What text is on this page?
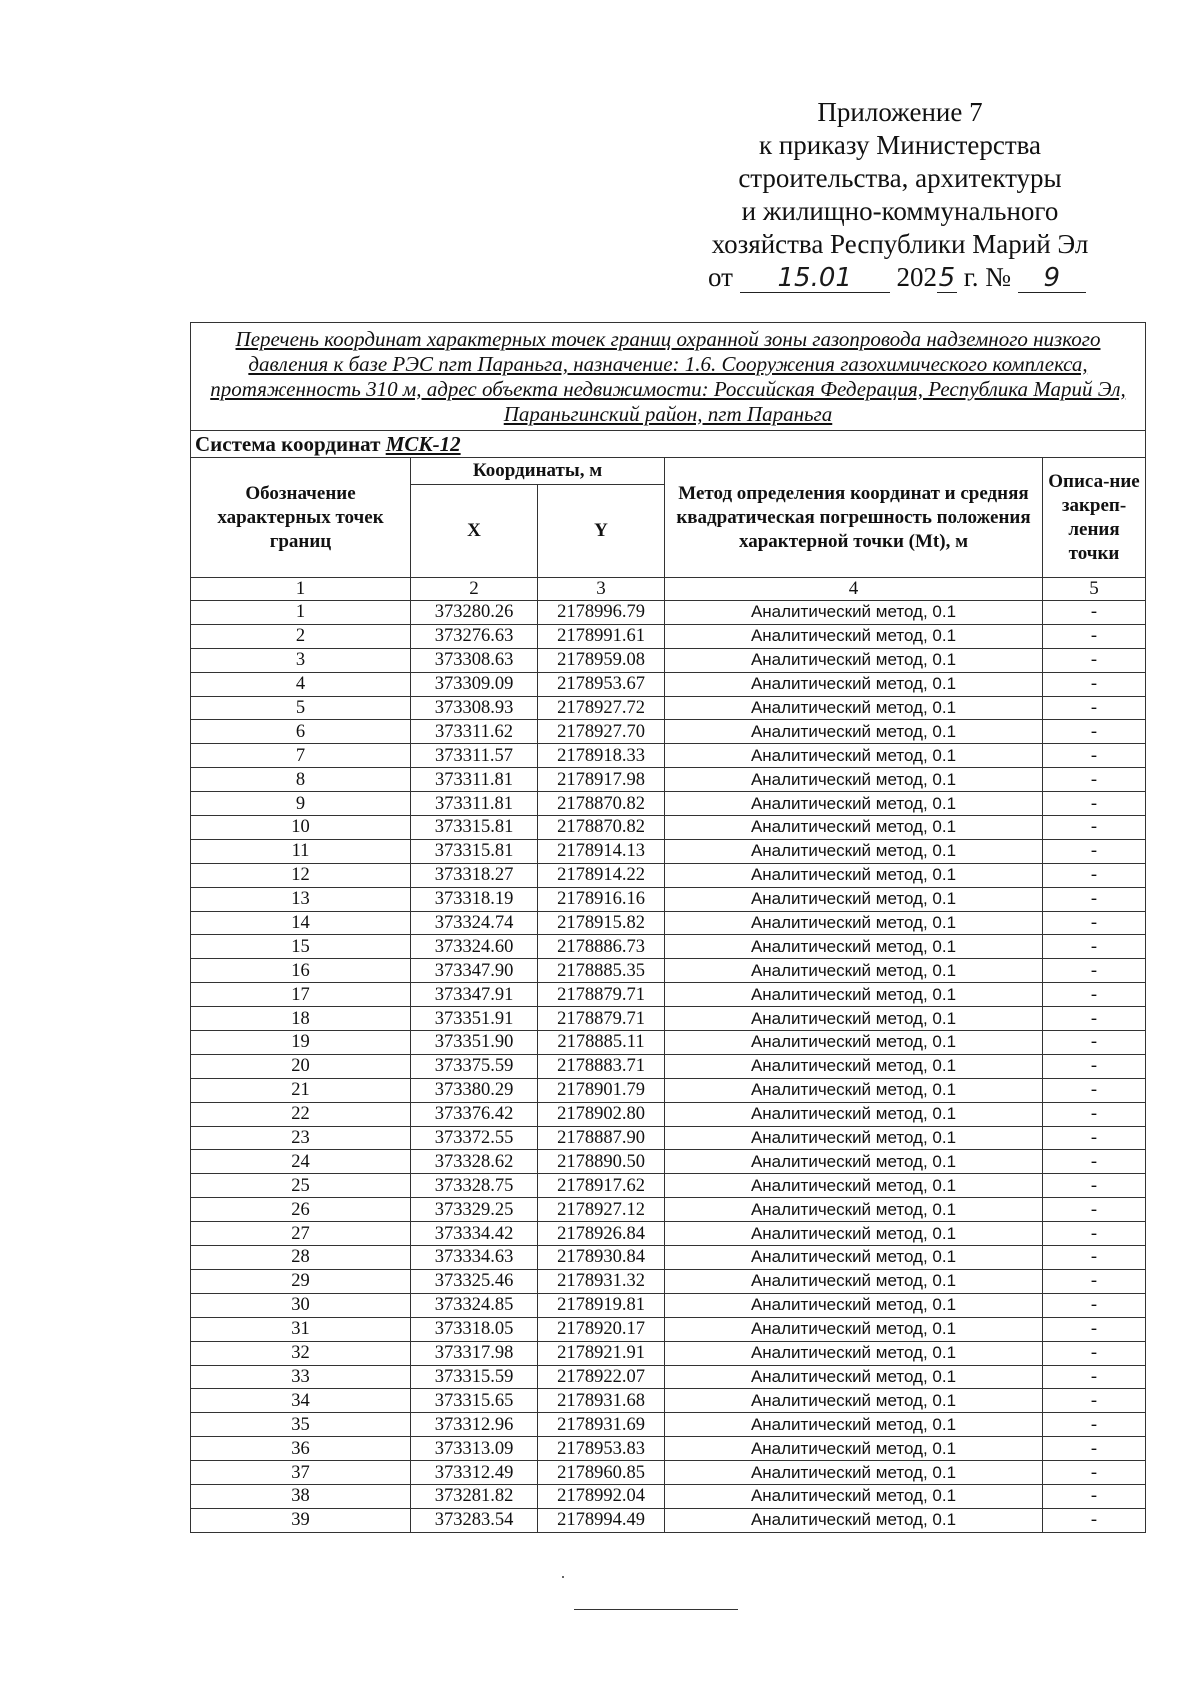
Приложение 7
к приказу Министерства
строительства, архитектуры
и жилищно-коммунального
хозяйства Республики Марий Эл
от 15.01 2025 г. № 9
Перечень координат характерных точек границ охранной зоны газопровода надземного низкого давления к базе РЭС пгт Параньга, назначение: 1.6. Сооружения газохимического комплекса, протяженность 310 м, адрес объекта недвижимости: Российская Федерация, Республика Марий Эл, Параньгинский район, пгт Параньга				
Система координат МСК-12				
Обозначение характерных точек границ	Координаты, м		Метод определения координат и средняя квадратическая погрешность положения характерной точки (Mt), м	Описа-ние закреп-ления точки
	X	Y		
1	2	3	4	5
1	373280.26	2178996.79	Аналитический метод, 0.1	-
2	373276.63	2178991.61	Аналитический метод, 0.1	-
3	373308.63	2178959.08	Аналитический метод, 0.1	-
4	373309.09	2178953.67	Аналитический метод, 0.1	-
5	373308.93	2178927.72	Аналитический метод, 0.1	-
6	373311.62	2178927.70	Аналитический метод, 0.1	-
7	373311.57	2178918.33	Аналитический метод, 0.1	-
8	373311.81	2178917.98	Аналитический метод, 0.1	-
9	373311.81	2178870.82	Аналитический метод, 0.1	-
10	373315.81	2178870.82	Аналитический метод, 0.1	-
11	373315.81	2178914.13	Аналитический метод, 0.1	-
12	373318.27	2178914.22	Аналитический метод, 0.1	-
13	373318.19	2178916.16	Аналитический метод, 0.1	-
14	373324.74	2178915.82	Аналитический метод, 0.1	-
15	373324.60	2178886.73	Аналитический метод, 0.1	-
16	373347.90	2178885.35	Аналитический метод, 0.1	-
17	373347.91	2178879.71	Аналитический метод, 0.1	-
18	373351.91	2178879.71	Аналитический метод, 0.1	-
19	373351.90	2178885.11	Аналитический метод, 0.1	-
20	373375.59	2178883.71	Аналитический метод, 0.1	-
21	373380.29	2178901.79	Аналитический метод, 0.1	-
22	373376.42	2178902.80	Аналитический метод, 0.1	-
23	373372.55	2178887.90	Аналитический метод, 0.1	-
24	373328.62	2178890.50	Аналитический метод, 0.1	-
25	373328.75	2178917.62	Аналитический метод, 0.1	-
26	373329.25	2178927.12	Аналитический метод, 0.1	-
27	373334.42	2178926.84	Аналитический метод, 0.1	-
28	373334.63	2178930.84	Аналитический метод, 0.1	-
29	373325.46	2178931.32	Аналитический метод, 0.1	-
30	373324.85	2178919.81	Аналитический метод, 0.1	-
31	373318.05	2178920.17	Аналитический метод, 0.1	-
32	373317.98	2178921.91	Аналитический метод, 0.1	-
33	373315.59	2178922.07	Аналитический метод, 0.1	-
34	373315.65	2178931.68	Аналитический метод, 0.1	-
35	373312.96	2178931.69	Аналитический метод, 0.1	-
36	373313.09	2178953.83	Аналитический метод, 0.1	-
37	373312.49	2178960.85	Аналитический метод, 0.1	-
38	373281.82	2178992.04	Аналитический метод, 0.1	-
39	373283.54	2178994.49	Аналитический метод, 0.1	-
